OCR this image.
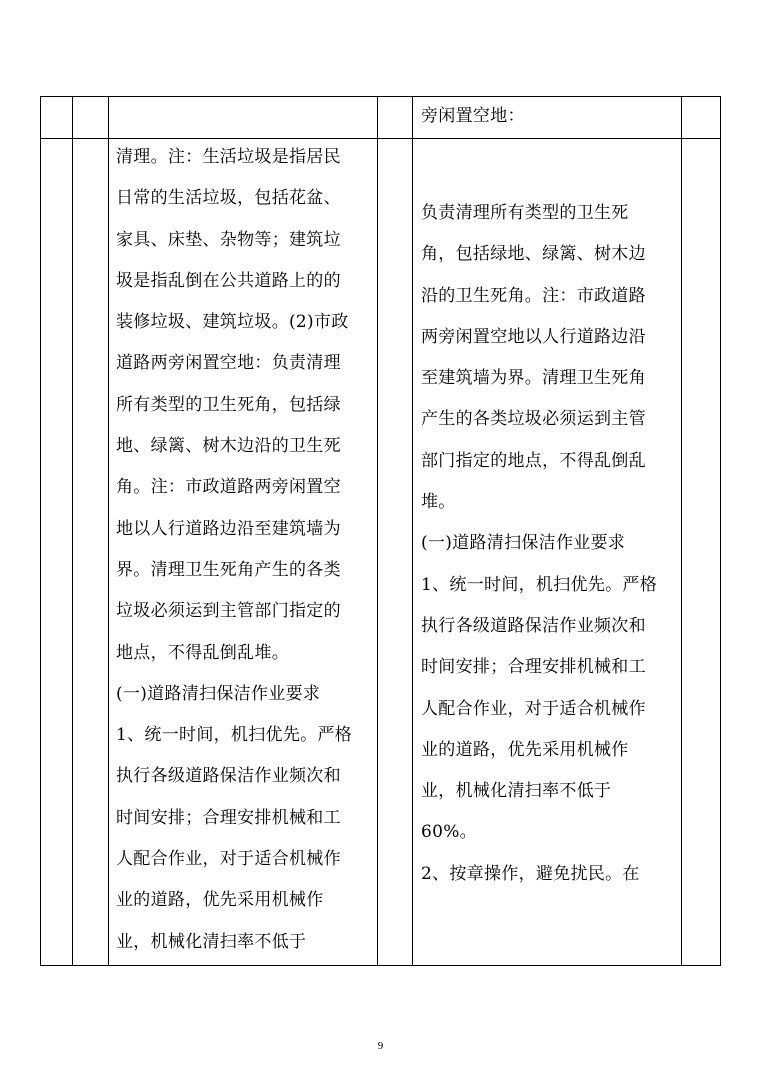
旁闲置空地：
清理。注：生活垃圾是指居民
日常的生活垃圾，包括花盆、
家具、床垫、杂物等；建筑垃
圾是指乱倒在公共道路上的的
装修垃圾、建筑垃圾。(2)市政
道路两旁闲置空地：负责清理
所有类型的卫生死角，包括绿
地、绿篱、树木边沿的卫生死
角。注：市政道路两旁闲置空
地以人行道路边沿至建筑墙为
界。清理卫生死角产生的各类
垃圾必须运到主管部门指定的
地点，不得乱倒乱堆。
(一)道路清扫保洁作业要求
1、统一时间，机扫优先。严格
执行各级道路保洁作业频次和
时间安排；合理安排机械和工
人配合作业，对于适合机械作
业的道路，优先采用机械作
业，机械化清扫率不低于
负责清理所有类型的卫生死
角，包括绿地、绿篱、树木边
沿的卫生死角。注：市政道路
两旁闲置空地以人行道路边沿
至建筑墙为界。清理卫生死角
产生的各类垃圾必须运到主管
部门指定的地点，不得乱倒乱
堆。
(一)道路清扫保洁作业要求
1、统一时间，机扫优先。严格
执行各级道路保洁作业频次和
时间安排；合理安排机械和工
人配合作业，对于适合机械作
业的道路，优先采用机械作
业，机械化清扫率不低于
60%。
2、按章操作，避免扰民。在
9
